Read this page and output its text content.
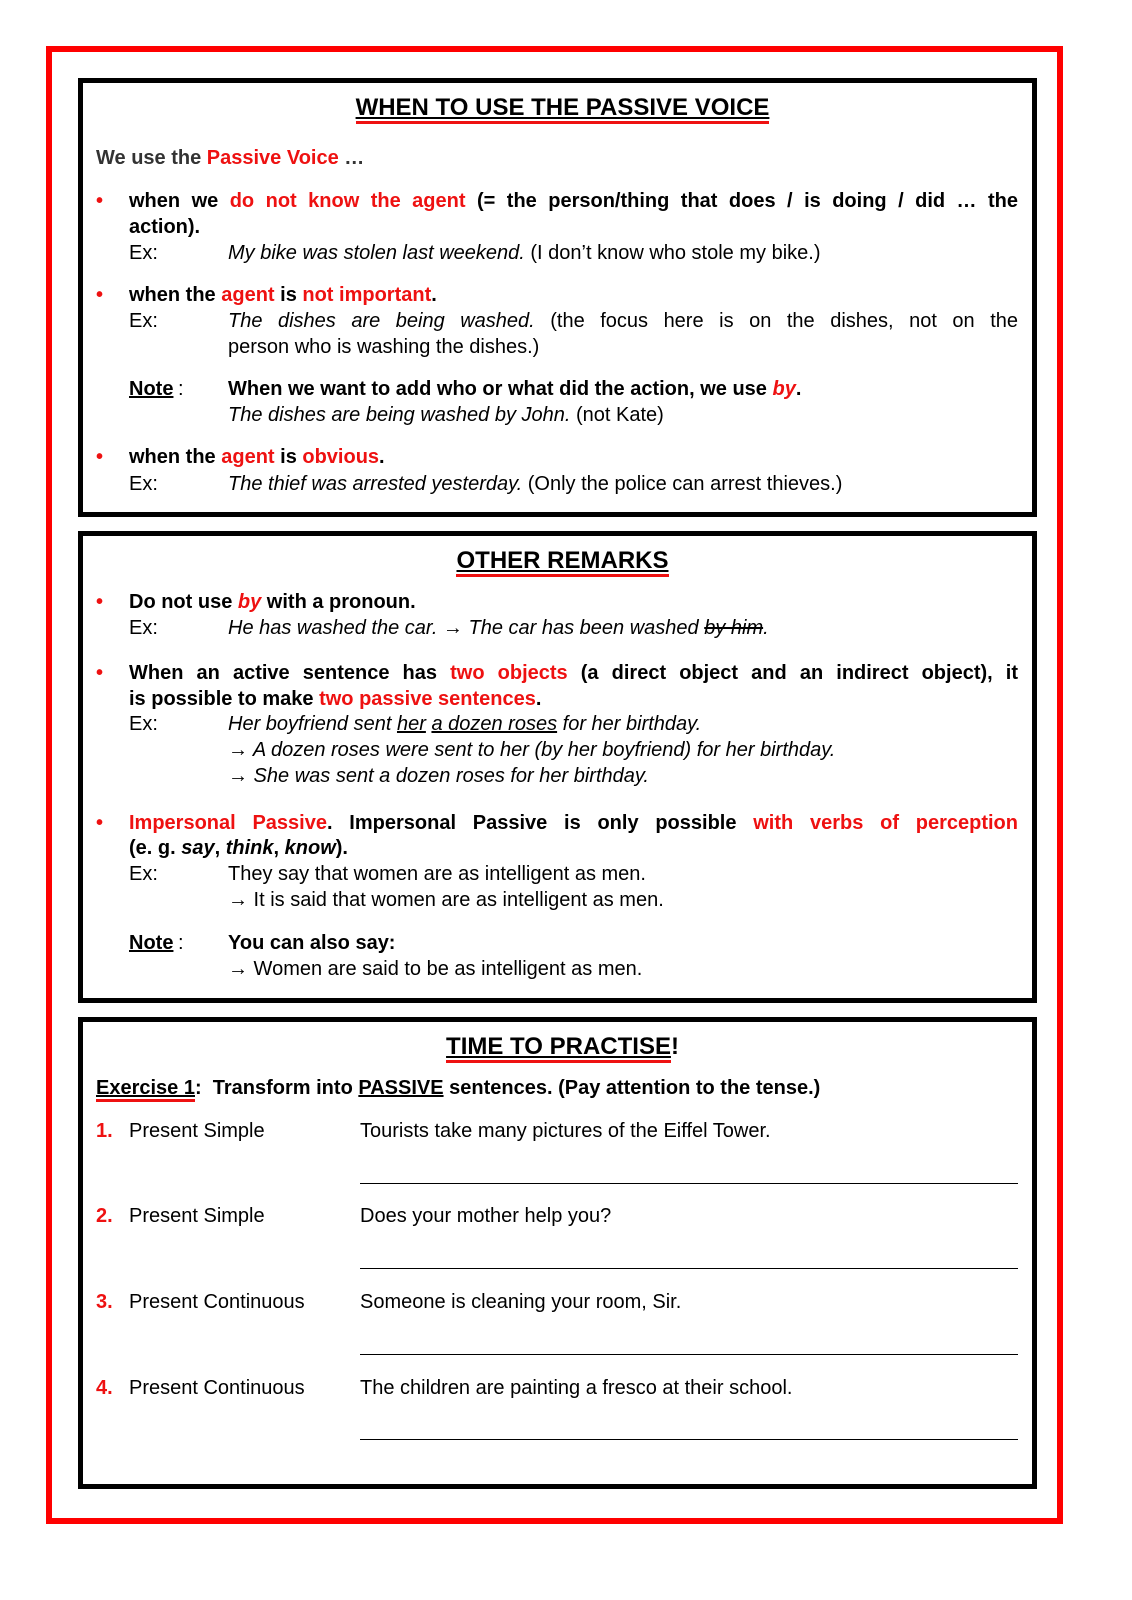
WHEN TO USE THE PASSIVE VOICE
We use the Passive Voice …
• when we do not know the agent (= the person/thing that does / is doing / did … the
action).
Ex:	My bike was stolen last weekend. (I don’t know who stole my bike.)
• when the agent is not important.
Ex:	The dishes are being washed. (the focus here is on the dishes, not on the
person who is washing the dishes.)
Note : When we want to add who or what did the action, we use by.
The dishes are being washed by John. (not Kate)
• when the agent is obvious.
Ex:	The thief was arrested yesterday. (Only the police can arrest thieves.)
OTHER REMARKS
• Do not use by with a pronoun.
Ex:	He has washed the car. → The car has been washed by him.
• When an active sentence has two objects (a direct object and an indirect object), it
is possible to make two passive sentences.
Ex:	Her boyfriend sent her a dozen roses for her birthday.
→ A dozen roses were sent to her (by her boyfriend) for her birthday.
→ She was sent a dozen roses for her birthday.
• Impersonal Passive. Impersonal Passive is only possible with verbs of perception
(e. g. say, think, know).
Ex:	They say that women are as intelligent as men.
→ It is said that women are as intelligent as men.
Note : You can also say:
→ Women are said to be as intelligent as men.
TIME TO PRACTISE!
Exercise 1:  Transform into PASSIVE sentences. (Pay attention to the tense.)
1. Present Simple	Tourists take many pictures of the Eiffel Tower.
2. Present Simple	Does your mother help you?
3. Present Continuous	Someone is cleaning your room, Sir.
4. Present Continuous	The children are painting a fresco at their school.
